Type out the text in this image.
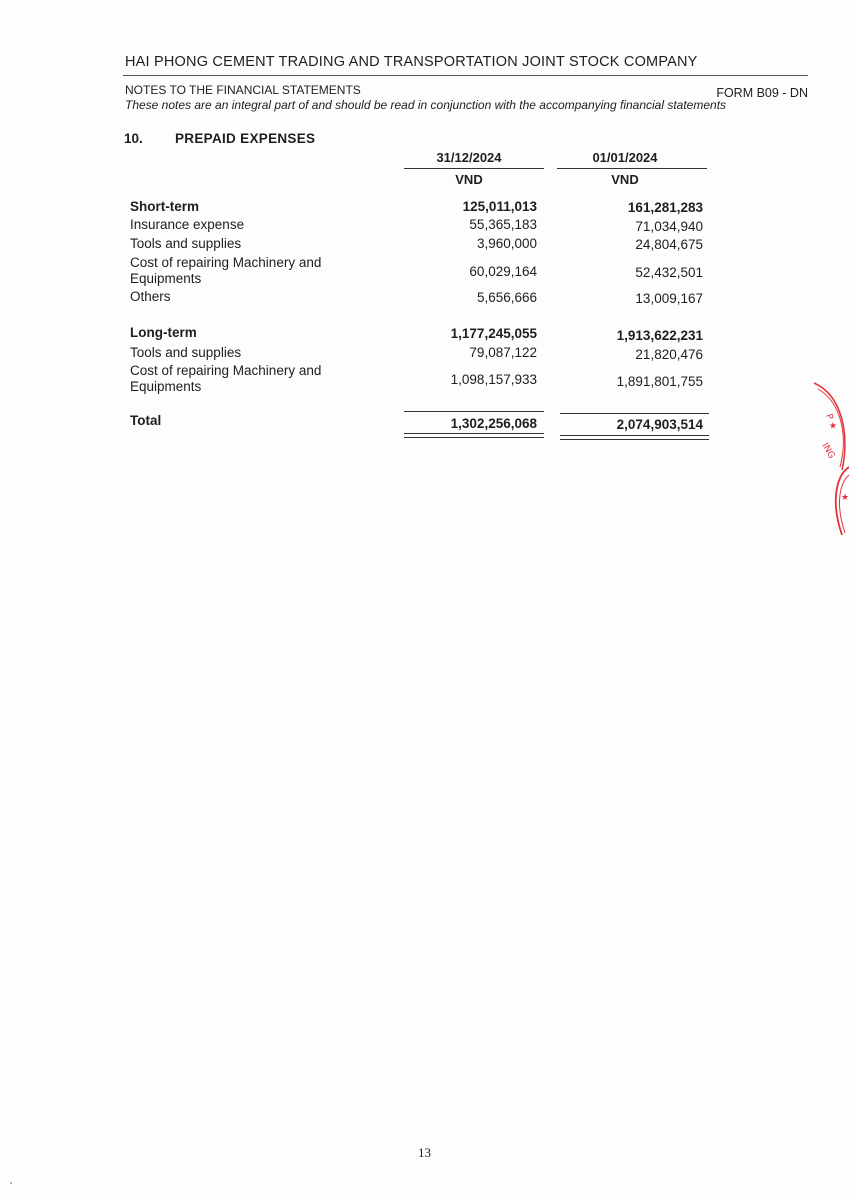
HAI PHONG CEMENT TRADING AND TRANSPORTATION JOINT STOCK COMPANY
NOTES TO THE FINANCIAL STATEMENTS	FORM B09 - DN
These notes are an integral part of and should be read in conjunction with the accompanying financial statements
10. PREPAID EXPENSES
31/12/2024	01/01/2024
VND	VND
Short-term	125,011,013	161,281,283
Insurance expense	55,365,183	71,034,940
Tools and supplies	3,960,000	24,804,675
Cost of repairing Machinery and Equipments	60,029,164	52,432,501
Others	5,656,666	13,009,167
Long-term	1,177,245,055	1,913,622,231
Tools and supplies	79,087,122	21,820,476
Cost of repairing Machinery and Equipments	1,098,157,933	1,891,801,755
Total	1,302,256,068	2,074,903,514	P ★
ING
★
13
